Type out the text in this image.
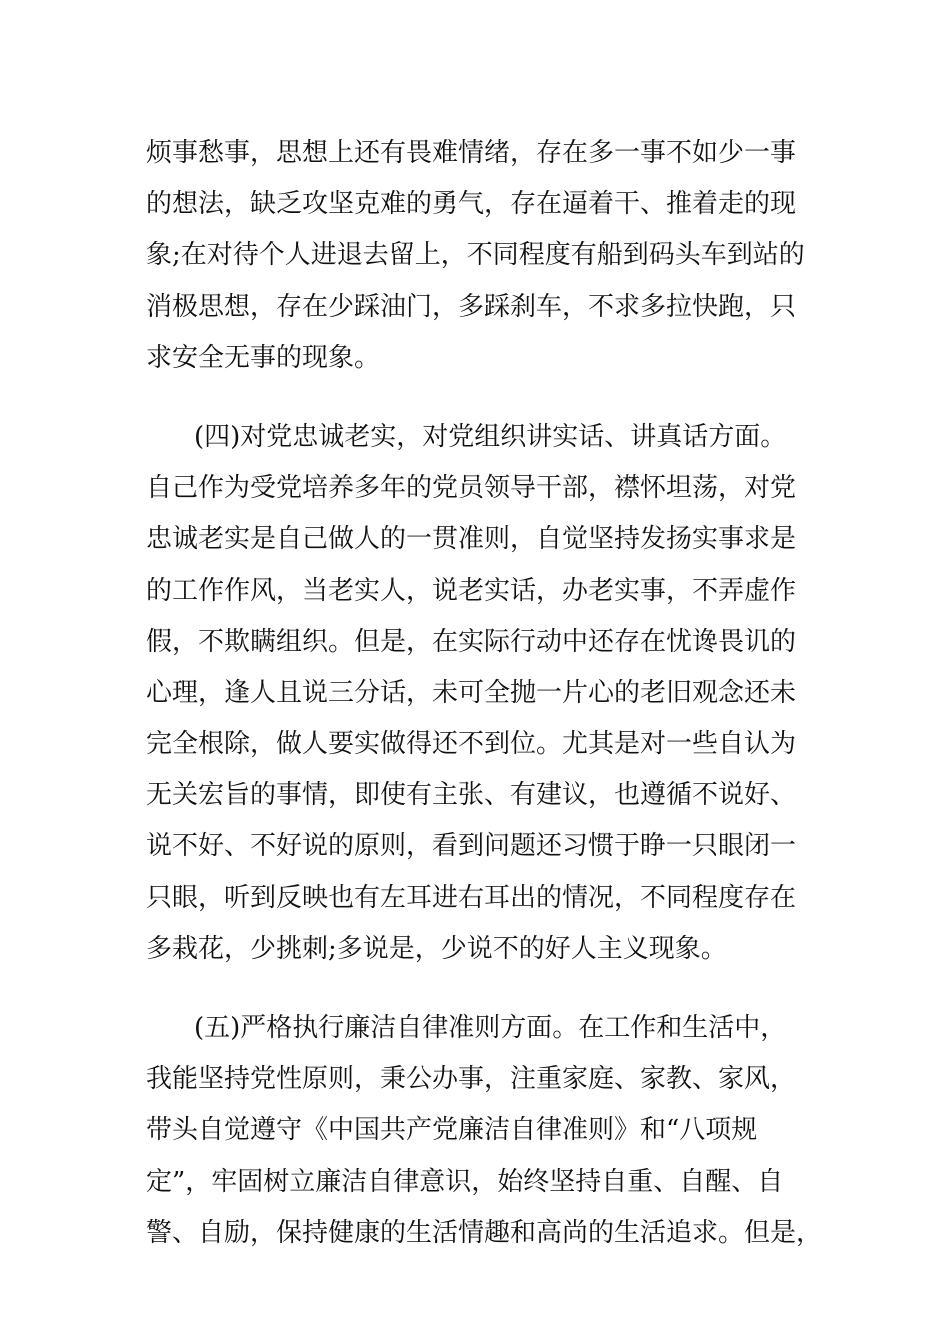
烦事愁事，思想上还有畏难情绪，存在多一事不如少一事
的想法，缺乏攻坚克难的勇气，存在逼着干、推着走的现
象;在对待个人进退去留上，不同程度有船到码头车到站的
消极思想，存在少踩油门，多踩刹车，不求多拉快跑，只
求安全无事的现象。
(四)对党忠诚老实，对党组织讲实话、讲真话方面。
自己作为受党培养多年的党员领导干部，襟怀坦荡，对党
忠诚老实是自己做人的一贯准则，自觉坚持发扬实事求是
的工作作风，当老实人，说老实话，办老实事，不弄虚作
假，不欺瞒组织。但是，在实际行动中还存在忧谗畏讥的
心理，逢人且说三分话，未可全抛一片心的老旧观念还未
完全根除，做人要实做得还不到位。尤其是对一些自认为
无关宏旨的事情，即使有主张、有建议，也遵循不说好、
说不好、不好说的原则，看到问题还习惯于睁一只眼闭一
只眼，听到反映也有左耳进右耳出的情况，不同程度存在
多栽花，少挑刺;多说是，少说不的好人主义现象。
(五)严格执行廉洁自律准则方面。在工作和生活中，
我能坚持党性原则，秉公办事，注重家庭、家教、家风，
带头自觉遵守《中国共产党廉洁自律准则》和“八项规
定”，牢固树立廉洁自律意识，始终坚持自重、自醒、自
警、自励，保持健康的生活情趣和高尚的生活追求。但是，
